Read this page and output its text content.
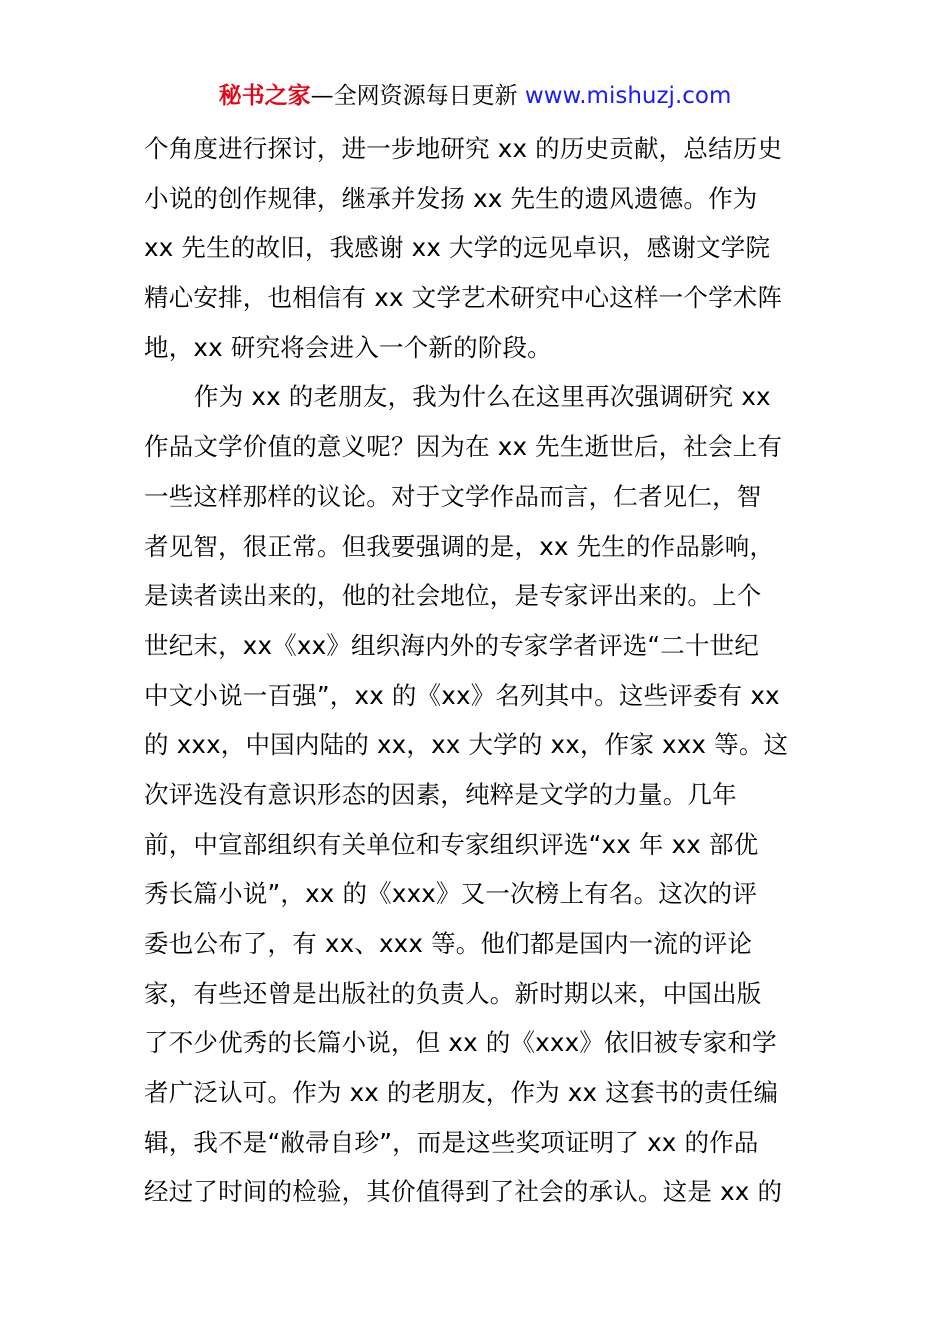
秘书之家—全网资源每日更新 www.mishuzj.com
个角度进行探讨，进一步地研究 xx 的历史贡献，总结历史
小说的创作规律，继承并发扬 xx 先生的遗风遗德。作为
xx 先生的故旧，我感谢 xx 大学的远见卓识，感谢文学院
精心安排，也相信有 xx 文学艺术研究中心这样一个学术阵
地，xx 研究将会进入一个新的阶段。
作为 xx 的老朋友，我为什么在这里再次强调研究 xx
作品文学价值的意义呢？因为在 xx 先生逝世后，社会上有
一些这样那样的议论。对于文学作品而言，仁者见仁，智
者见智，很正常。但我要强调的是，xx 先生的作品影响，
是读者读出来的，他的社会地位，是专家评出来的。上个
世纪末，xx《xx》组织海内外的专家学者评选“二十世纪
中文小说一百强”，xx 的《xx》名列其中。这些评委有 xx
的 xxx，中国内陆的 xx，xx 大学的 xx，作家 xxx 等。这
次评选没有意识形态的因素，纯粹是文学的力量。几年
前，中宣部组织有关单位和专家组织评选“xx 年 xx 部优
秀长篇小说”，xx 的《xxx》又一次榜上有名。这次的评
委也公布了，有 xx、xxx 等。他们都是国内一流的评论
家，有些还曾是出版社的负责人。新时期以来，中国出版
了不少优秀的长篇小说，但 xx 的《xxx》依旧被专家和学
者广泛认可。作为 xx 的老朋友，作为 xx 这套书的责任编
辑，我不是“敝帚自珍”，而是这些奖项证明了 xx 的作品
经过了时间的检验，其价值得到了社会的承认。这是 xx 的
